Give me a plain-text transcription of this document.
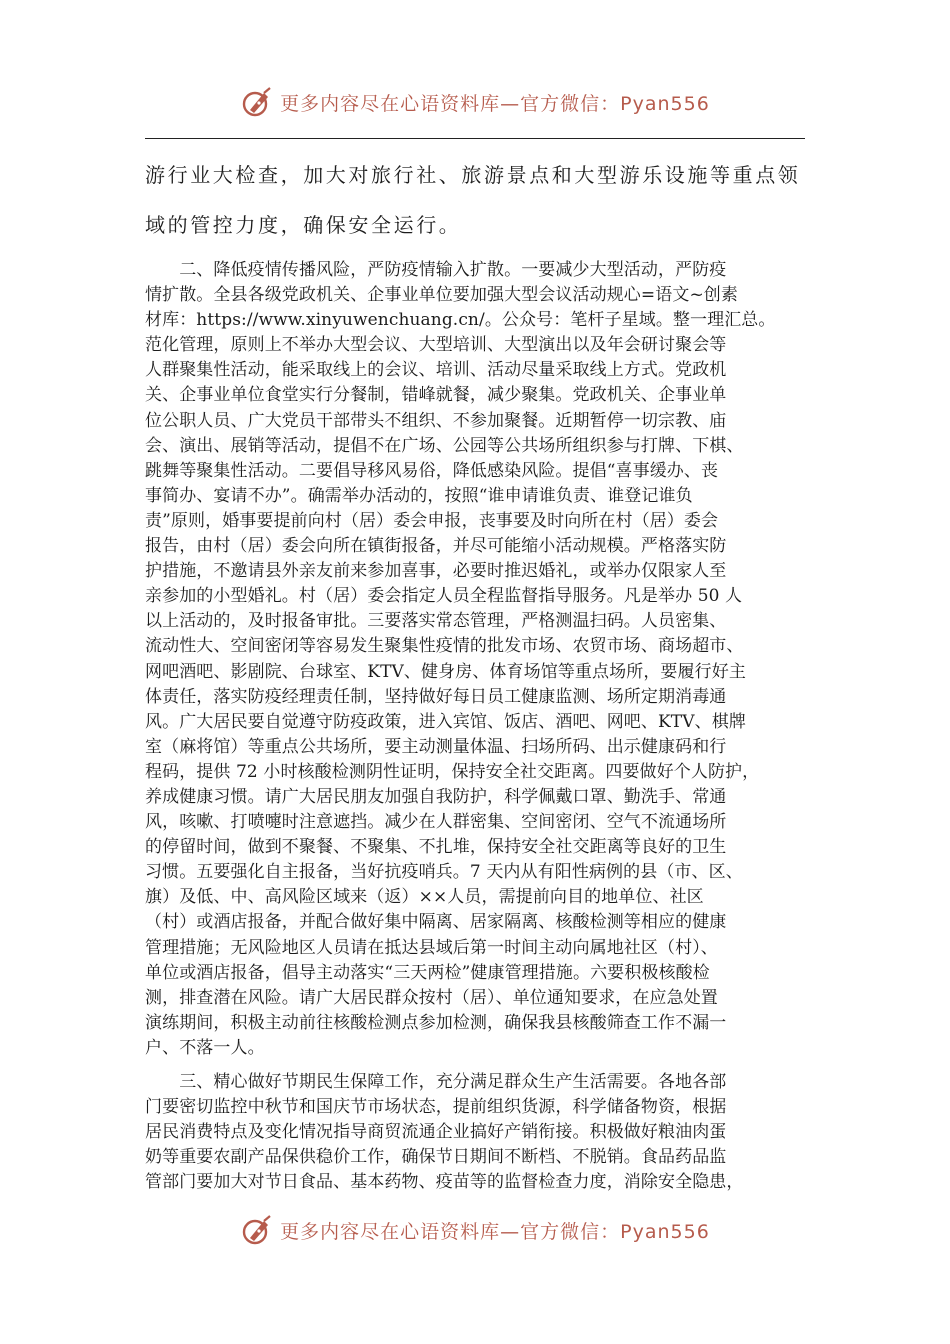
更多内容尽在心语资料库—官方微信：Pyan556
游行业大检查，加大对旅行社、旅游景点和大型游乐设施等重点领
域的管控力度，确保安全运行。
　　二、降低疫情传播风险，严防疫情输入扩散。一要减少大型活动，严防疫
情扩散。全县各级党政机关、企事业单位要加强大型会议活动规心=语文~创素
材库：https://www.xinyuwenchuang.cn/。公众号：笔杆子星域。整一理汇总。
范化管理，原则上不举办大型会议、大型培训、大型演出以及年会研讨聚会等
人群聚集性活动，能采取线上的会议、培训、活动尽量采取线上方式。党政机
关、企事业单位食堂实行分餐制，错峰就餐，减少聚集。党政机关、企事业单
位公职人员、广大党员干部带头不组织、不参加聚餐。近期暂停一切宗教、庙
会、演出、展销等活动，提倡不在广场、公园等公共场所组织参与打牌、下棋、
跳舞等聚集性活动。二要倡导移风易俗，降低感染风险。提倡“喜事缓办、丧
事简办、宴请不办”。确需举办活动的，按照“谁申请谁负责、谁登记谁负
责”原则，婚事要提前向村（居）委会申报，丧事要及时向所在村（居）委会
报告，由村（居）委会向所在镇街报备，并尽可能缩小活动规模。严格落实防
护措施，不邀请县外亲友前来参加喜事，必要时推迟婚礼，或举办仅限家人至
亲参加的小型婚礼。村（居）委会指定人员全程监督指导服务。凡是举办 50 人
以上活动的，及时报备审批。三要落实常态管理，严格测温扫码。人员密集、
流动性大、空间密闭等容易发生聚集性疫情的批发市场、农贸市场、商场超市、
网吧酒吧、影剧院、台球室、KTV、健身房、体育场馆等重点场所，要履行好主
体责任，落实防疫经理责任制，坚持做好每日员工健康监测、场所定期消毒通
风。广大居民要自觉遵守防疫政策，进入宾馆、饭店、酒吧、网吧、KTV、棋牌
室（麻将馆）等重点公共场所，要主动测量体温、扫场所码、出示健康码和行
程码，提供 72 小时核酸检测阴性证明，保持安全社交距离。四要做好个人防护，
养成健康习惯。请广大居民朋友加强自我防护，科学佩戴口罩、勤洗手、常通
风，咳嗽、打喷嚏时注意遮挡。减少在人群密集、空间密闭、空气不流通场所
的停留时间，做到不聚餐、不聚集、不扎堆，保持安全社交距离等良好的卫生
习惯。五要强化自主报备，当好抗疫哨兵。7 天内从有阳性病例的县（市、区、
旗）及低、中、高风险区域来（返）××人员，需提前向目的地单位、社区
（村）或酒店报备，并配合做好集中隔离、居家隔离、核酸检测等相应的健康
管理措施；无风险地区人员请在抵达县域后第一时间主动向属地社区（村）、
单位或酒店报备，倡导主动落实“三天两检”健康管理措施。六要积极核酸检
测，排查潜在风险。请广大居民群众按村（居）、单位通知要求，在应急处置
演练期间，积极主动前往核酸检测点参加检测，确保我县核酸筛查工作不漏一
户、不落一人。
　　三、精心做好节期民生保障工作，充分满足群众生产生活需要。各地各部
门要密切监控中秋节和国庆节市场状态，提前组织货源，科学储备物资，根据
居民消费特点及变化情况指导商贸流通企业搞好产销衔接。积极做好粮油肉蛋
奶等重要农副产品保供稳价工作，确保节日期间不断档、不脱销。食品药品监
管部门要加大对节日食品、基本药物、疫苗等的监督检查力度，消除安全隐患，
更多内容尽在心语资料库—官方微信：Pyan556
